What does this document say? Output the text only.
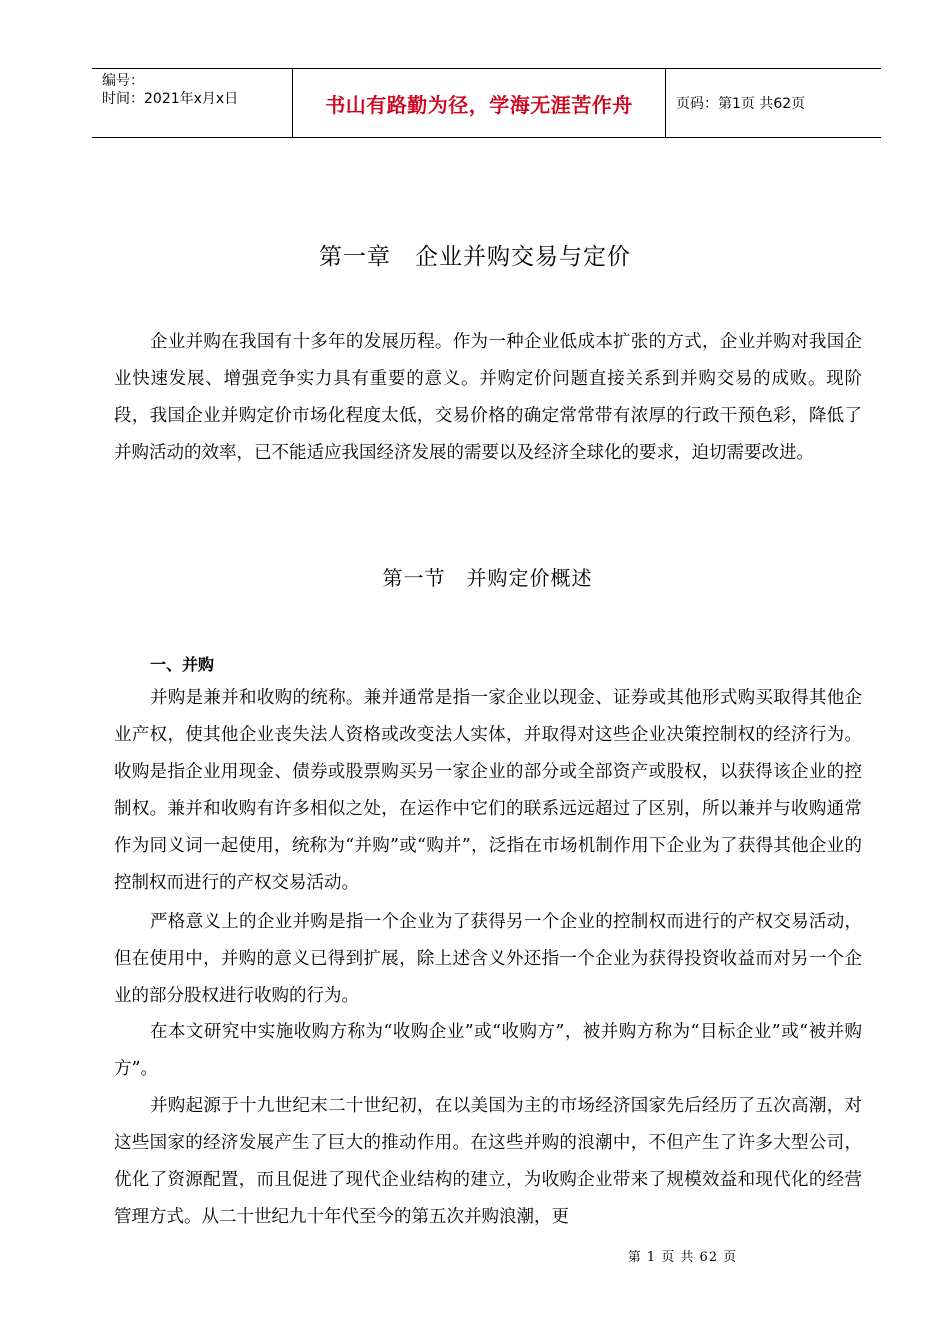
编号：
时间：2021年x月x日	书山有路勤为径，学海无涯苦作舟	页码：第1页 共62页
第一章　企业并购交易与定价

企业并购在我国有十多年的发展历程。作为一种企业低成本扩张的方式，企业并购对我国企业快速发展、增强竞争实力具有重要的意义。并购定价问题直接关系到并购交易的成败。现阶段，我国企业并购定价市场化程度太低，交易价格的确定常常带有浓厚的行政干预色彩，降低了并购活动的效率，已不能适应我国经济发展的需要以及经济全球化的要求，迫切需要改进。

第一节　并购定价概述
一、并购

并购是兼并和收购的统称。兼并通常是指一家企业以现金、证券或其他形式购买取得其他企业产权，使其他企业丧失法人资格或改变法人实体，并取得对这些企业决策控制权的经济行为。收购是指企业用现金、债券或股票购买另一家企业的部分或全部资产或股权，以获得该企业的控制权。兼并和收购有许多相似之处，在运作中它们的联系远远超过了区别，所以兼并与收购通常作为同义词一起使用，统称为“并购”或“购并”，泛指在市场机制作用下企业为了获得其他企业的控制权而进行的产权交易活动。

严格意义上的企业并购是指一个企业为了获得另一个企业的控制权而进行的产权交易活动，但在使用中，并购的意义已得到扩展，除上述含义外还指一个企业为获得投资收益而对另一个企业的部分股权进行收购的行为。

在本文研究中实施收购方称为“收购企业”或“收购方”，被并购方称为“目标企业”或“被并购方”。

并购起源于十九世纪末二十世纪初，在以美国为主的市场经济国家先后经历了五次高潮，对这些国家的经济发展产生了巨大的推动作用。在这些并购的浪潮中，不但产生了许多大型公司，优化了资源配置，而且促进了现代企业结构的建立，为收购企业带来了规模效益和现代化的经营管理方式。从二十世纪九十年代至今的第五次并购浪潮，更

第 1 页 共 62 页
